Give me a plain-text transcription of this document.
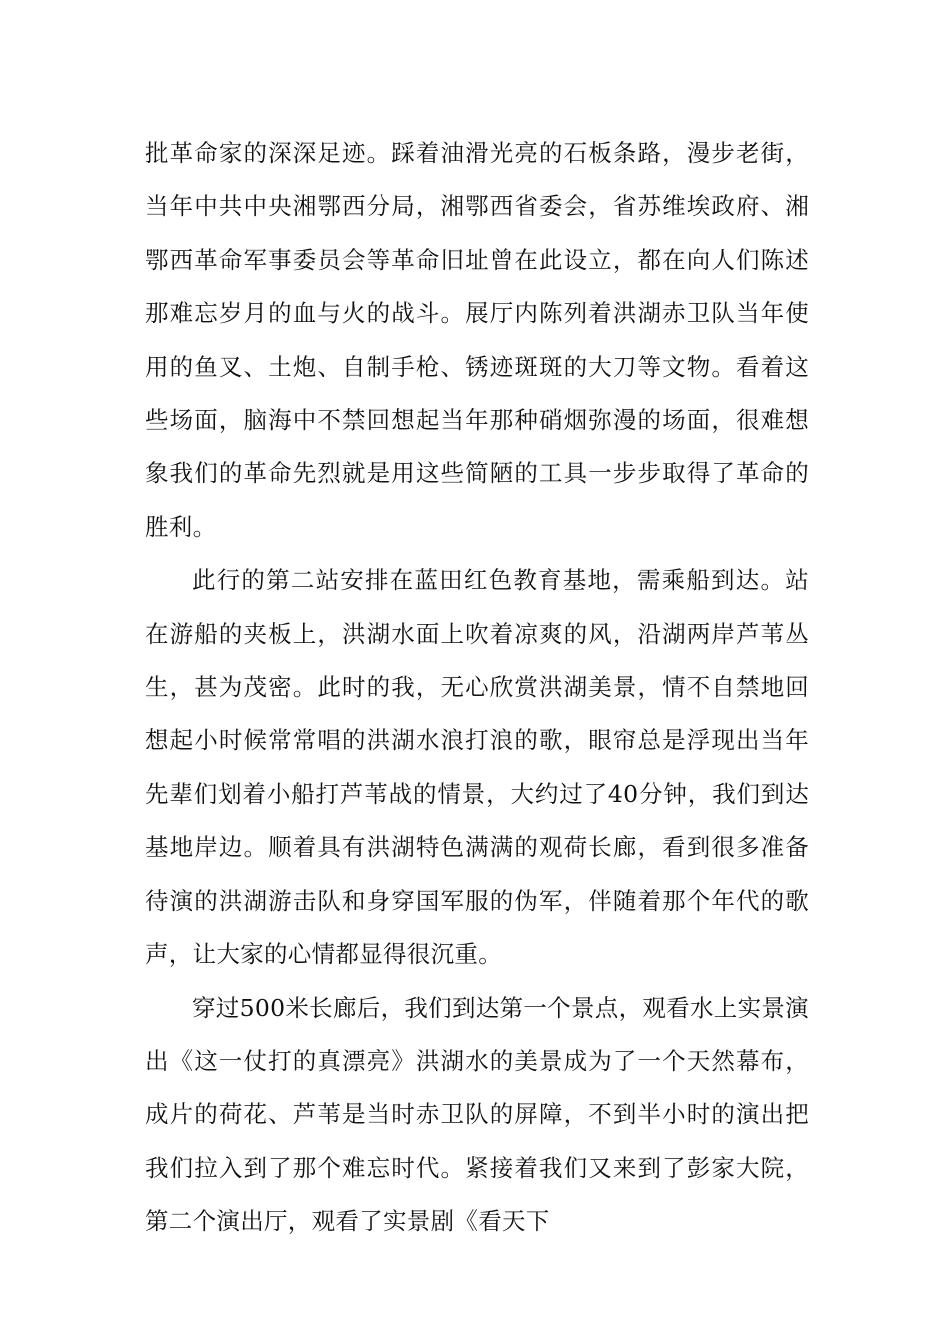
批革命家的深深足迹。踩着油滑光亮的石板条路，漫步老街，当年中共中央湘鄂西分局，湘鄂西省委会，省苏维埃政府、湘鄂西革命军事委员会等革命旧址曾在此设立，都在向人们陈述那难忘岁月的血与火的战斗。展厅内陈列着洪湖赤卫队当年使用的鱼叉、土炮、自制手枪、锈迹斑斑的大刀等文物。看着这些场面，脑海中不禁回想起当年那种硝烟弥漫的场面，很难想象我们的革命先烈就是用这些简陋的工具一步步取得了革命的胜利。

此行的第二站安排在蓝田红色教育基地，需乘船到达。站在游船的夹板上，洪湖水面上吹着凉爽的风，沿湖两岸芦苇丛生，甚为茂密。此时的我，无心欣赏洪湖美景，情不自禁地回想起小时候常常唱的洪湖水浪打浪的歌，眼帘总是浮现出当年先辈们划着小船打芦苇战的情景，大约过了40分钟，我们到达基地岸边。顺着具有洪湖特色满满的观荷长廊，看到很多准备待演的洪湖游击队和身穿国军服的伪军，伴随着那个年代的歌声，让大家的心情都显得很沉重。

穿过500米长廊后，我们到达第一个景点，观看水上实景演出《这一仗打的真漂亮》洪湖水的美景成为了一个天然幕布，成片的荷花、芦苇是当时赤卫队的屏障，不到半小时的演出把我们拉入到了那个难忘时代。紧接着我们又来到了彭家大院，第二个演出厅，观看了实景剧《看天下
